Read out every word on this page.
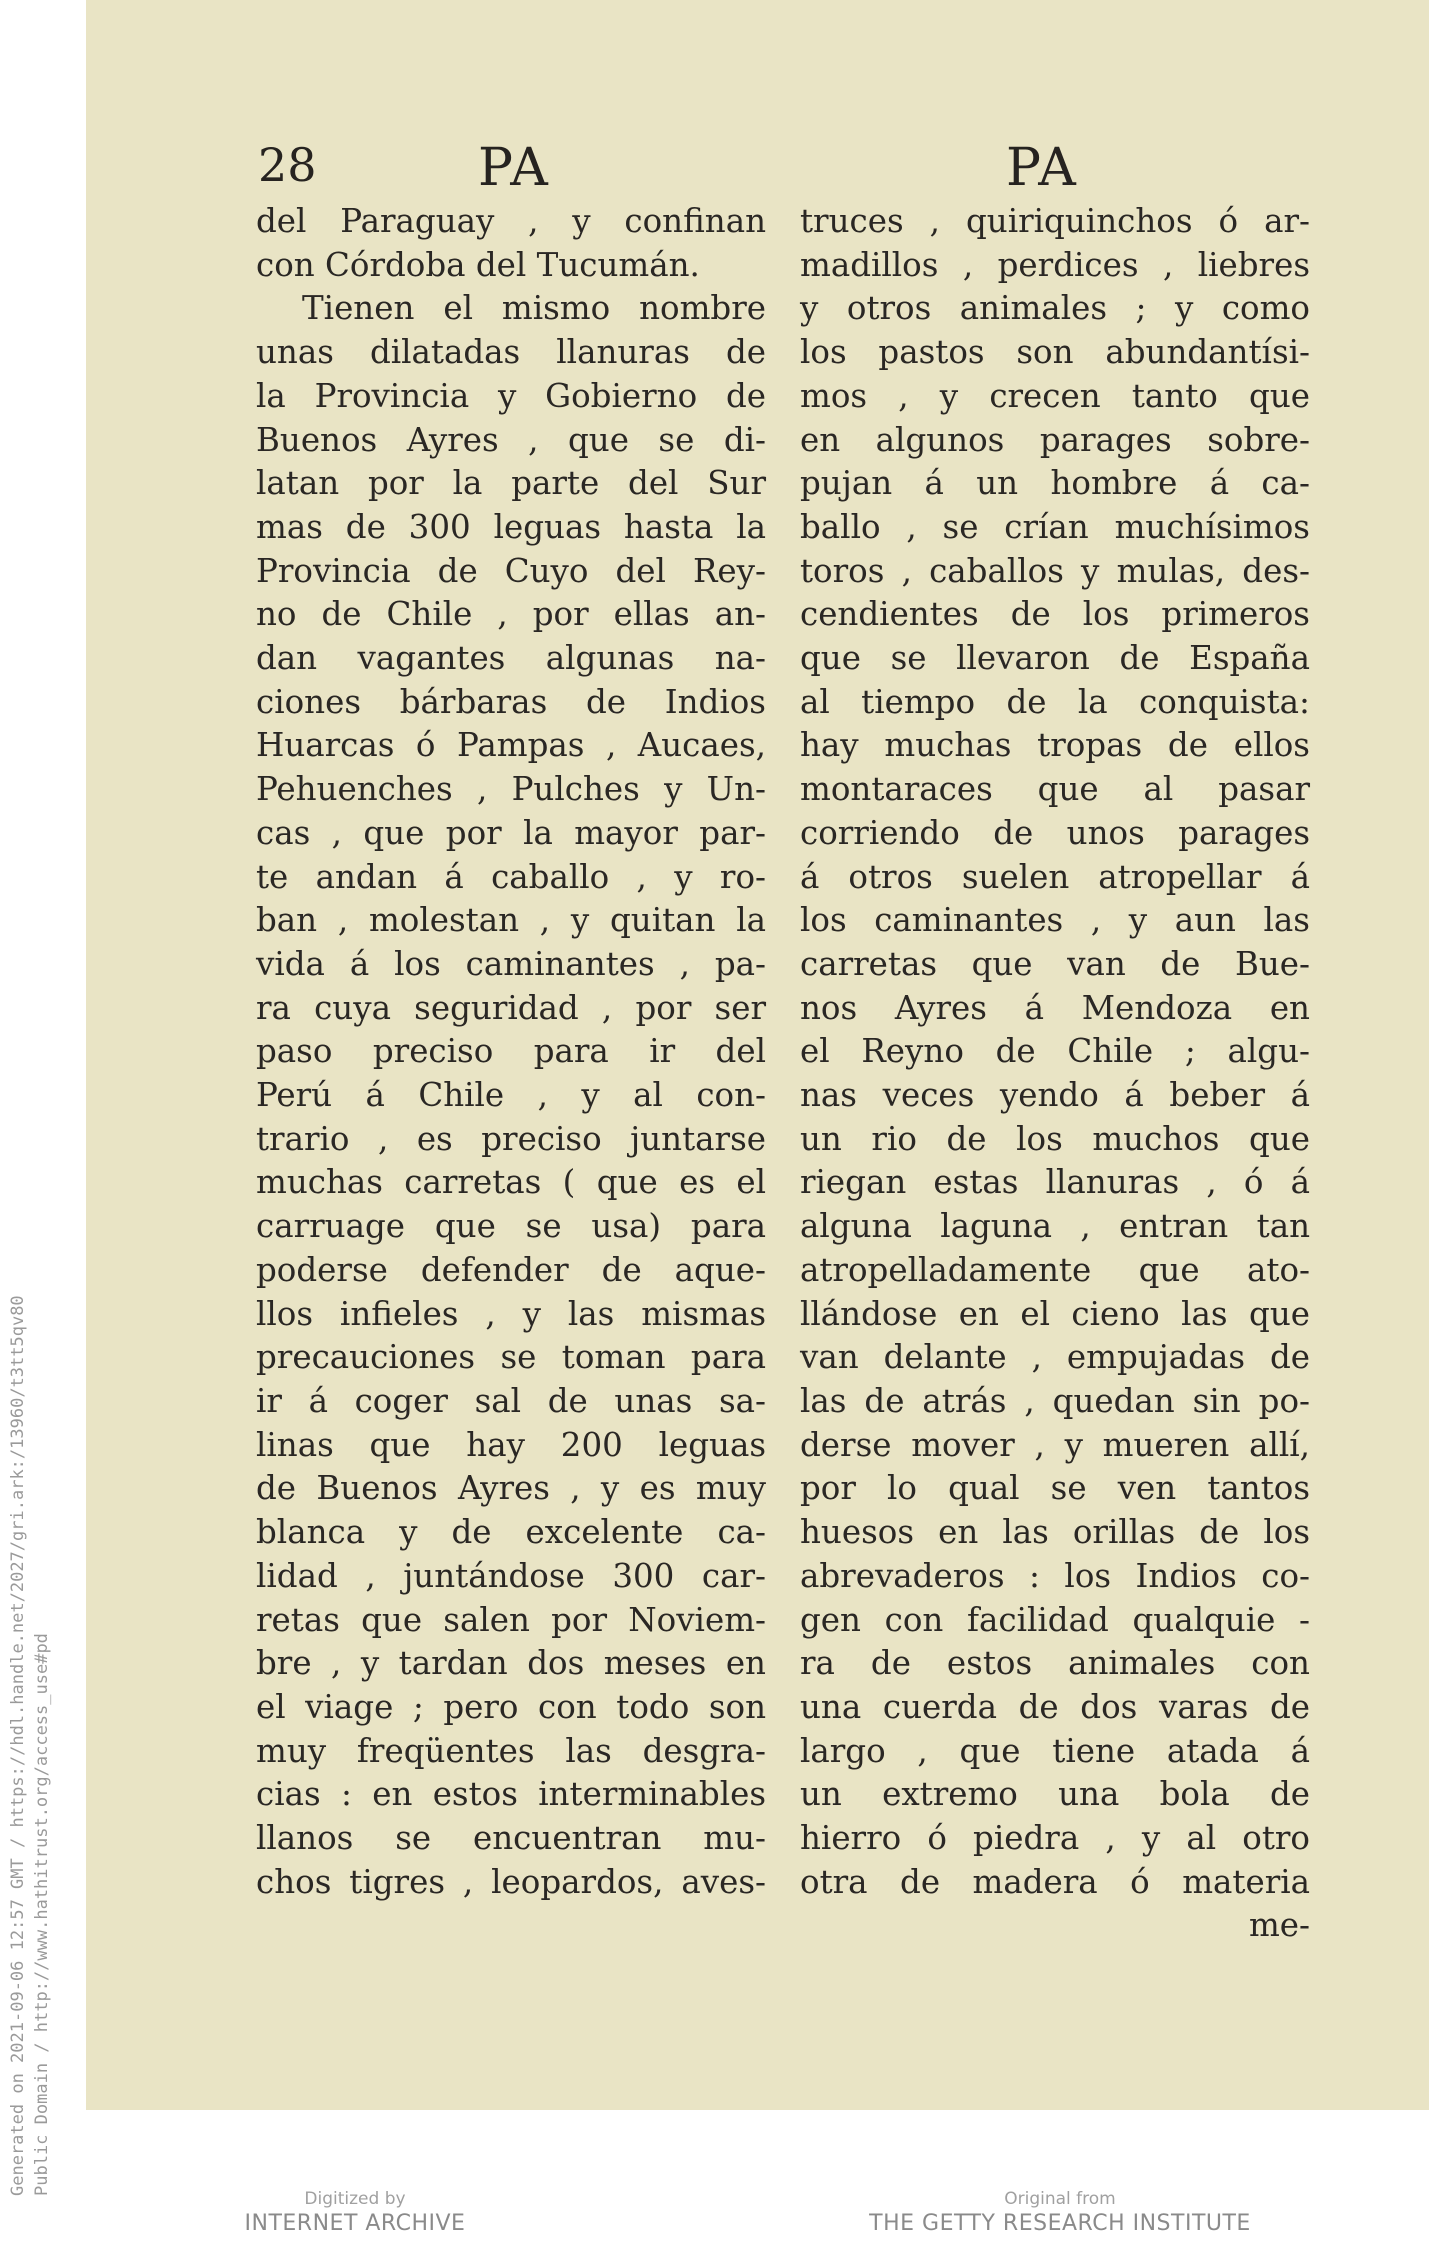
Generated on 2021-09-06 12:57 GMT / https://hdl.handle.net/2027/gri.ark:/13960/t3tt5qv80 Public Domain / http://www.hathitrust.org/access_use#pd
28	PA	PA
del Paraguay , y confinan
con Córdoba del Tucumán.
Tienen el mismo nombre
unas dilatadas llanuras de
la Provincia y Gobierno de
Buenos Ayres , que se di-
latan por la parte del Sur
mas de 300 leguas hasta la
Provincia de Cuyo del Rey-
no de Chile , por ellas an-
dan vagantes algunas na-
ciones bárbaras de Indios
Huarcas ó Pampas , Aucaes,
Pehuenches , Pulches y Un-
cas , que por la mayor par-
te andan á caballo , y ro-
ban , molestan , y quitan la
vida á los caminantes , pa-
ra cuya seguridad , por ser
paso preciso para ir del
Perú á Chile , y al con-
trario , es preciso juntarse
muchas carretas ( que es el
carruage que se usa) para
poderse defender de aque-
llos infieles , y las mismas
precauciones se toman para
ir á coger sal de unas sa-
linas que hay 200 leguas
de Buenos Ayres , y es muy
blanca y de excelente ca-
lidad , juntándose 300 car-
retas que salen por Noviem-
bre , y tardan dos meses en
el viage ; pero con todo son
muy freqüentes las desgra-
cias : en estos interminables
llanos se encuentran mu-
chos tigres , leopardos, aves-
truces , quiriquinchos ó ar-
madillos , perdices , liebres
y otros animales ; y como
los pastos son abundantísi-
mos , y crecen tanto que
en algunos parages sobre-
pujan á un hombre á ca-
ballo , se crían muchísimos
toros , caballos y mulas, des-
cendientes de los primeros
que se llevaron de España
al tiempo de la conquista:
hay muchas tropas de ellos
montaraces que al pasar
corriendo de unos parages
á otros suelen atropellar á
los caminantes , y aun las
carretas que van de Bue-
nos Ayres á Mendoza en
el Reyno de Chile ; algu-
nas veces yendo á beber á
un rio de los muchos que
riegan estas llanuras , ó á
alguna laguna , entran tan
atropelladamente que ato-
llándose en el cieno las que
van delante , empujadas de
las de atrás , quedan sin po-
derse mover , y mueren allí,
por lo qual se ven tantos
huesos en las orillas de los
abrevaderos : los Indios co-
gen con facilidad qualquie -
ra de estos animales con
una cuerda de dos varas de
largo , que tiene atada á
un extremo una bola de
hierro ó piedra , y al otro
otra de madera ó materia
me-
Digitized by
INTERNET ARCHIVE
Original from
THE GETTY RESEARCH INSTITUTE
